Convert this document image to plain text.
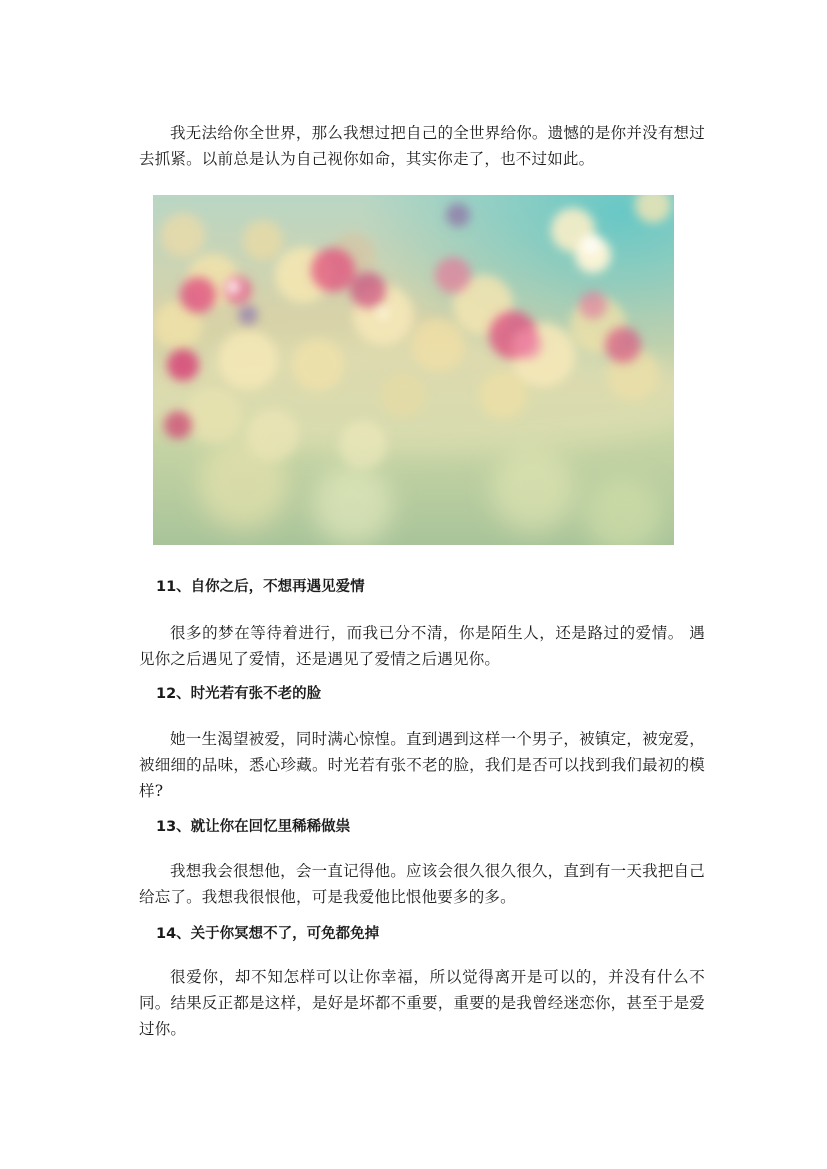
我无法给你全世界，那么我想过把自己的全世界给你。遗憾的是你并没有想过去抓紧。以前总是认为自己视你如命，其实你走了，也不过如此。

11、自你之后，不想再遇见爱情

很多的梦在等待着进行，而我已分不清，你是陌生人，还是路过的爱情。 遇见你之后遇见了爱情，还是遇见了爱情之后遇见你。

12、时光若有张不老的脸

她一生渴望被爱，同时满心惊惶。直到遇到这样一个男子，被镇定，被宠爱，被细细的品味，悉心珍藏。时光若有张不老的脸，我们是否可以找到我们最初的模样?

13、就让你在回忆里稀稀做祟

我想我会很想他，会一直记得他。应该会很久很久很久，直到有一天我把自己给忘了。我想我很恨他，可是我爱他比恨他要多的多。

14、关于你冥想不了，可免都免掉

很爱你，却不知怎样可以让你幸福，所以觉得离开是可以的，并没有什么不同。结果反正都是这样，是好是坏都不重要，重要的是我曾经迷恋你，甚至于是爱过你。
